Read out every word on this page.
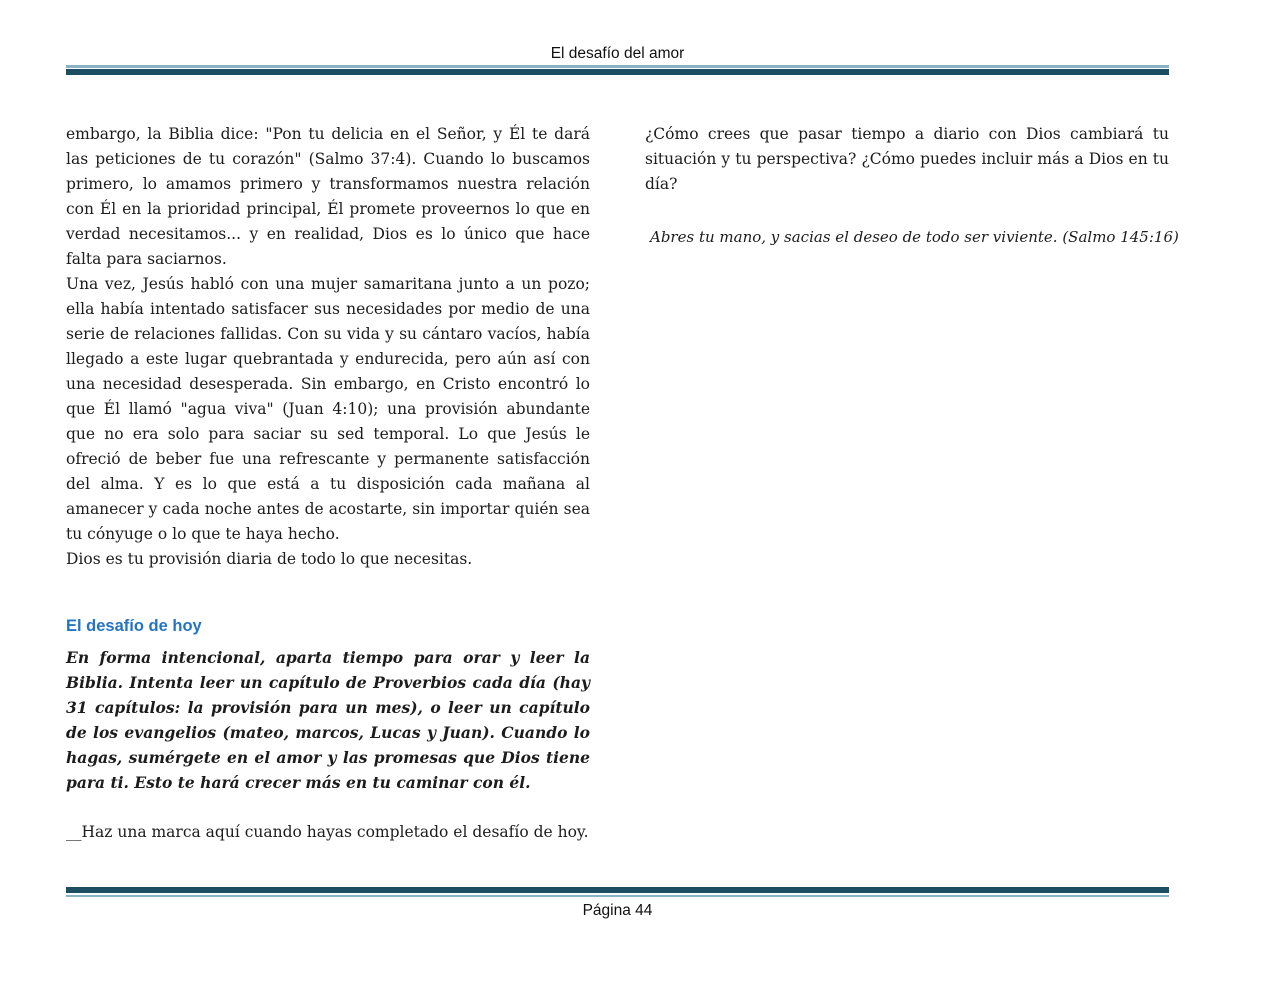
El desafío del amor

embargo, la Biblia dice: "Pon tu delicia en el Señor, y Él te dará las peticiones de tu corazón" (Salmo 37:4). Cuando lo buscamos primero, lo amamos primero y transformamos nuestra relación con Él en la prioridad principal, Él promete proveernos lo que en verdad necesitamos... y en realidad, Dios es lo único que hace falta para saciarnos.

Una vez, Jesús habló con una mujer samaritana junto a un pozo; ella había intentado satisfacer sus necesidades por medio de una serie de relaciones fallidas. Con su vida y su cántaro vacíos, había llegado a este lugar quebrantada y endurecida, pero aún así con una necesidad desesperada. Sin embargo, en Cristo encontró lo que Él llamó "agua viva" (Juan 4:10); una provisión abundante que no era solo para saciar su sed temporal. Lo que Jesús le ofreció de beber fue una refrescante y permanente satisfacción del alma. Y es lo que está a tu disposición cada mañana al amanecer y cada noche antes de acostarte, sin importar quién sea tu cónyuge o lo que te haya hecho.

Dios es tu provisión diaria de todo lo que necesitas.

El desafío de hoy

En forma intencional, aparta tiempo para orar y leer la Biblia. Intenta leer un capítulo de Proverbios cada día (hay 31 capítulos: la provisión para un mes), o leer un capítulo de los evangelios (mateo, marcos, Lucas y Juan). Cuando lo hagas, sumérgete en el amor y las promesas que Dios tiene para ti. Esto te hará crecer más en tu caminar con él.

__Haz una marca aquí cuando hayas completado el desafío de hoy.

¿Cómo crees que pasar tiempo a diario con Dios cambiará tu situación y tu perspectiva? ¿Cómo puedes incluir más a Dios en tu día?

Abres tu mano, y sacias el deseo de todo ser viviente. (Salmo 145:16)

Página 44
